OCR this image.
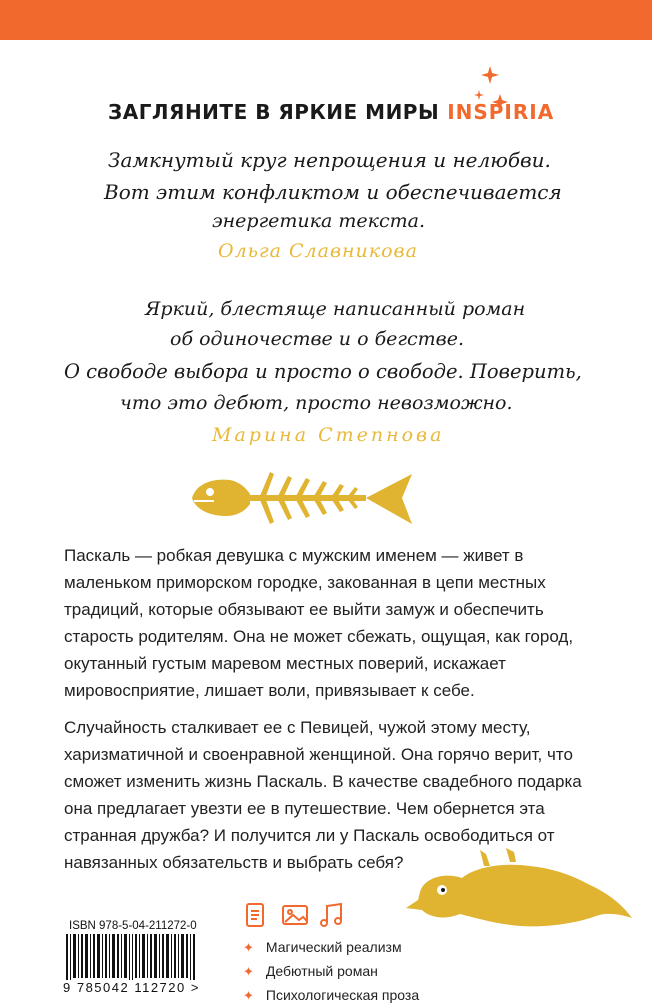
ЗАГЛЯНИТЕ В ЯРКИЕ МИРЫ INSPIRIA
Замкнутый круг непрощения и нелюбви.
Вот этим конфликтом и обеспечивается
энергетика текста.
Ольга Славникова
Яркий, блестяще написанный роман
об одиночестве и о бегстве.
О свободе выбора и просто о свободе. Поверить,
что это дебют, просто невозможно.
Марина Степнова

Паскаль — робкая девушка с мужским именем — живет в маленьком приморском городке, закованная в цепи местных традиций, которые обязывают ее выйти замуж и обеспечить старость родителям. Она не может сбежать, ощущая, как город, окутанный густым маревом местных поверий, искажает мировосприятие, лишает воли, привязывает к себе.

Случайность сталкивает ее с Певицей, чужой этому месту, харизматичной и своенравной женщиной. Она горячо верит, что сможет изменить жизнь Паскаль. В качестве свадебного подарка она предлагает увезти ее в путешествие. Чем обернется эта странная дружба? И получится ли у Паскаль освободиться от навязанных обязательств и выбрать себя?

✦ Магический реализм
✦ Дебютный роман
✦ Психологическая проза
ISBN 978-5-04-211272-0
9 785042 112720 >
